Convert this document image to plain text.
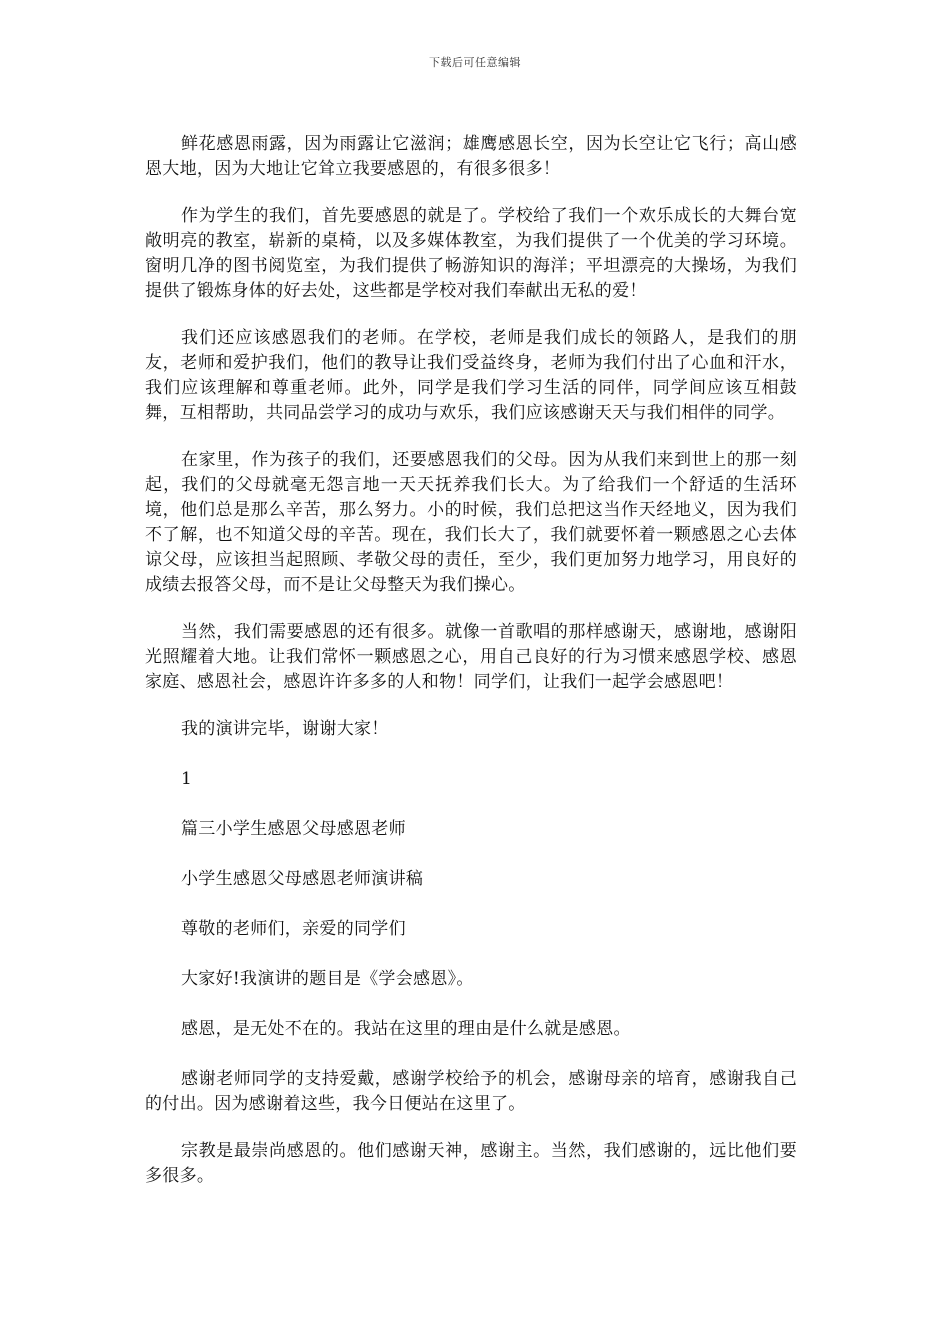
下载后可任意编辑

鲜花感恩雨露，因为雨露让它滋润；雄鹰感恩长空，因为长空让它飞行；高山感恩大地，因为大地让它耸立我要感恩的，有很多很多！

作为学生的我们，首先要感恩的就是了。学校给了我们一个欢乐成长的大舞台宽敞明亮的教室，崭新的桌椅，以及多媒体教室，为我们提供了一个优美的学习环境。窗明几净的图书阅览室，为我们提供了畅游知识的海洋；平坦漂亮的大操场，为我们提供了锻炼身体的好去处，这些都是学校对我们奉献出无私的爱！

我们还应该感恩我们的老师。在学校，老师是我们成长的领路人，是我们的朋友，老师和爱护我们，他们的教导让我们受益终身，老师为我们付出了心血和汗水，我们应该理解和尊重老师。此外，同学是我们学习生活的同伴，同学间应该互相鼓舞，互相帮助，共同品尝学习的成功与欢乐，我们应该感谢天天与我们相伴的同学。

在家里，作为孩子的我们，还要感恩我们的父母。因为从我们来到世上的那一刻起，我们的父母就毫无怨言地一天天抚养我们长大。为了给我们一个舒适的生活环境，他们总是那么辛苦，那么努力。小的时候，我们总把这当作天经地义，因为我们不了解，也不知道父母的辛苦。现在，我们长大了，我们就要怀着一颗感恩之心去体谅父母，应该担当起照顾、孝敬父母的责任，至少，我们更加努力地学习，用良好的成绩去报答父母，而不是让父母整天为我们操心。

当然，我们需要感恩的还有很多。就像一首歌唱的那样感谢天，感谢地，感谢阳光照耀着大地。让我们常怀一颗感恩之心，用自己良好的行为习惯来感恩学校、感恩家庭、感恩社会，感恩许许多多的人和物！同学们，让我们一起学会感恩吧！

我的演讲完毕，谢谢大家！

1

篇三小学生感恩父母感恩老师

小学生感恩父母感恩老师演讲稿

尊敬的老师们，亲爱的同学们

大家好!我演讲的题目是《学会感恩》。

感恩，是无处不在的。我站在这里的理由是什么就是感恩。

感谢老师同学的支持爱戴，感谢学校给予的机会，感谢母亲的培育，感谢我自己的付出。因为感谢着这些，我今日便站在这里了。

宗教是最崇尚感恩的。他们感谢天神，感谢主。当然，我们感谢的，远比他们要多很多。
